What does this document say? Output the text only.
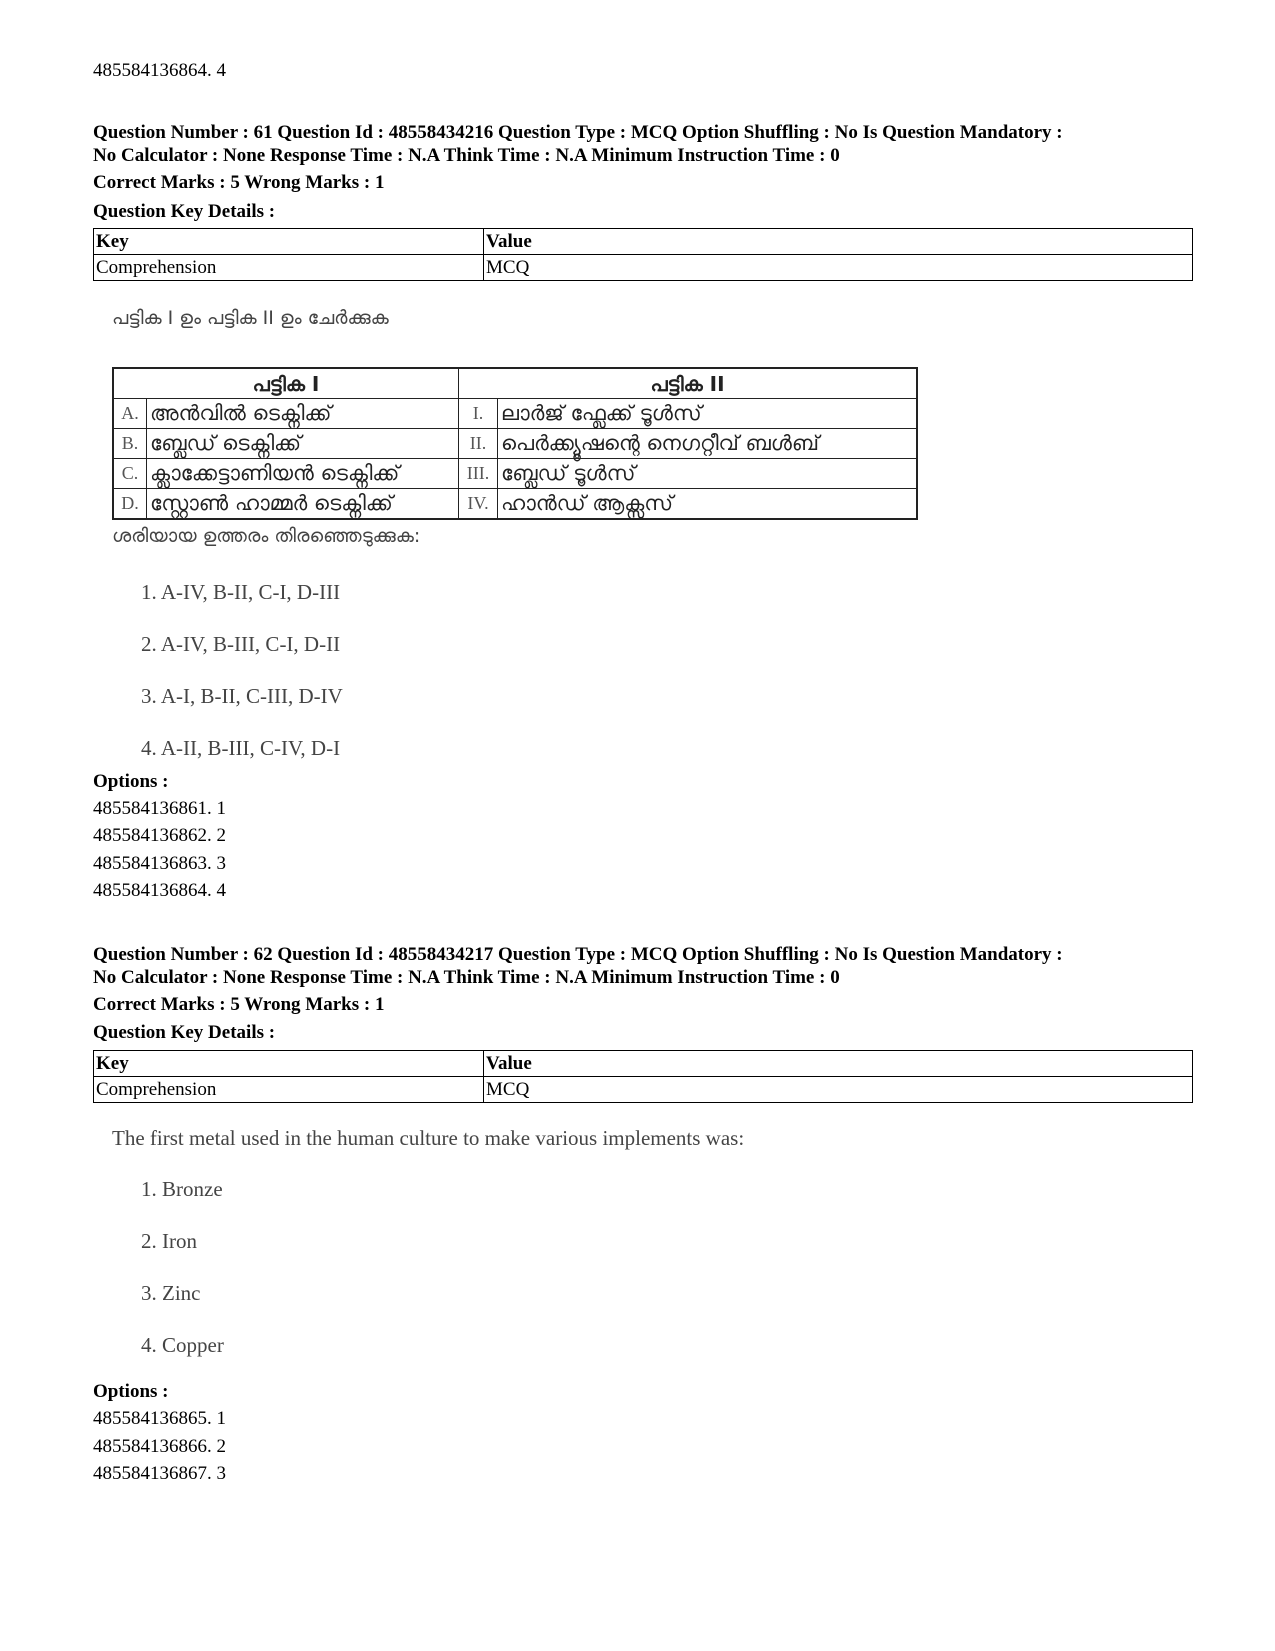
485584136864. 4
Question Number : 61 Question Id : 48558434216 Question Type : MCQ Option Shuffling : No Is Question Mandatory :
No Calculator : None Response Time : N.A Think Time : N.A Minimum Instruction Time : 0
Correct Marks : 5 Wrong Marks : 1
Question Key Details :
Key	Value
Comprehension	MCQ
പട്ടിക I ഉം പട്ടിക II ഉം ചേർക്കുക
പട്ടിക I		പട്ടിക II	
A.	അൻവിൽ ടെക്നിക്ക്	I.	ലാർജ് ഫ്ലേക്ക് ടൂൾസ്
B.	ബ്ലേഡ് ടെക്നിക്ക്	II.	പെർക്ക്യൂഷന്റെ നെഗറ്റീവ് ബൾബ്
C.	ക്ലാക്കേട്ടാണിയൻ ടെക്നിക്ക്	III.	ബ്ലേഡ് ടൂൾസ്
D.	സ്റ്റോൺ ഹാമ്മർ ടെക്നിക്ക്	IV.	ഹാൻഡ് ആക്സസ്
ശരിയായ ഉത്തരം തിരഞ്ഞെടുക്കുക:
1. A-IV, B-II, C-I, D-III
2. A-IV, B-III, C-I, D-II
3. A-I, B-II, C-III, D-IV
4. A-II, B-III, C-IV, D-I
Options :
485584136861. 1
485584136862. 2
485584136863. 3
485584136864. 4
Question Number : 62 Question Id : 48558434217 Question Type : MCQ Option Shuffling : No Is Question Mandatory :
No Calculator : None Response Time : N.A Think Time : N.A Minimum Instruction Time : 0
Correct Marks : 5 Wrong Marks : 1
Question Key Details :
Key	Value
Comprehension	MCQ
The first metal used in the human culture to make various implements was:
1. Bronze
2. Iron
3. Zinc
4. Copper
Options :
485584136865. 1
485584136866. 2
485584136867. 3
